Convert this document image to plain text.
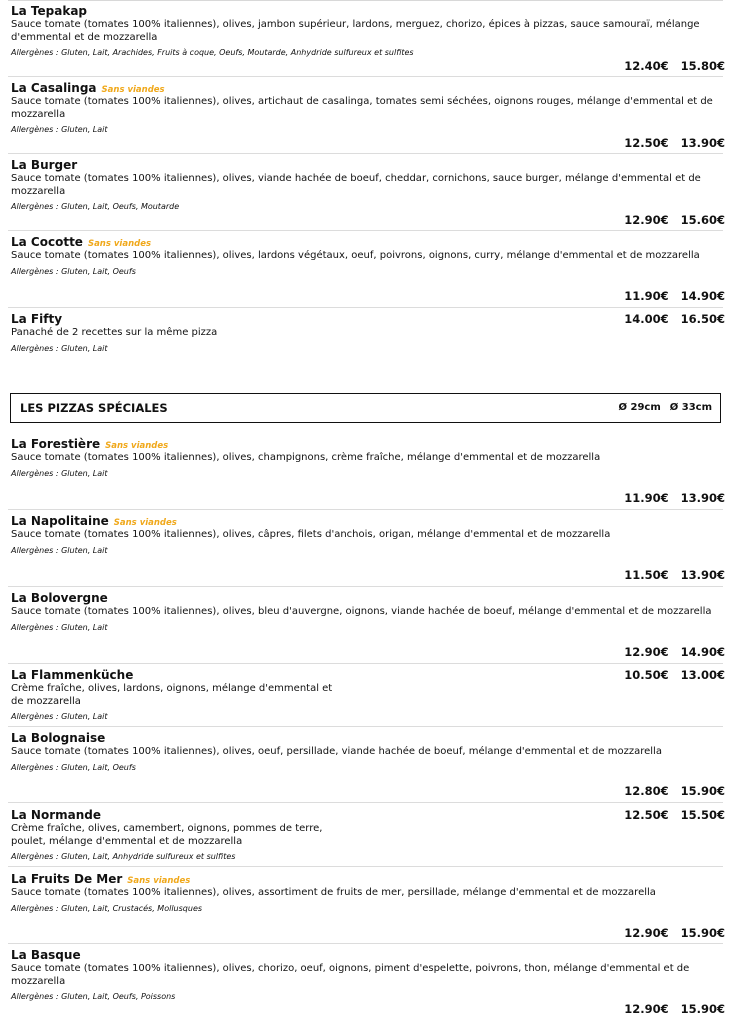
La Tepakap

Sauce tomate (tomates 100% italiennes), olives, jambon supérieur, lardons, merguez, chorizo, épices à pizzas, sauce samouraï, mélange d'emmental et de mozzarella

Allergènes : Gluten, Lait, Arachides, Fruits à coque, Oeufs, Moutarde, Anhydride sulfureux et sulfites

12.40€ 15.80€
La Casalinga Sans viandes

Sauce tomate (tomates 100% italiennes), olives, artichaut de casalinga, tomates semi séchées, oignons rouges, mélange d'emmental et de mozzarella

Allergènes : Gluten, Lait

12.50€ 13.90€
La Burger

Sauce tomate (tomates 100% italiennes), olives, viande hachée de boeuf, cheddar, cornichons, sauce burger, mélange d'emmental et de mozzarella

Allergènes : Gluten, Lait, Oeufs, Moutarde

12.90€ 15.60€
La Cocotte Sans viandes

Sauce tomate (tomates 100% italiennes), olives, lardons végétaux, oeuf, poivrons, oignons, curry, mélange d'emmental et de mozzarella

Allergènes : Gluten, Lait, Oeufs

11.90€ 14.90€
La Fifty

Panaché de 2 recettes sur la même pizza

Allergènes : Gluten, Lait

14.00€ 16.50€
LES PIZZAS SPÉCIALES	Ø 29cm Ø 33cm
La Forestière Sans viandes

Sauce tomate (tomates 100% italiennes), olives, champignons, crème fraîche, mélange d'emmental et de mozzarella

Allergènes : Gluten, Lait

11.90€ 13.90€
La Napolitaine Sans viandes

Sauce tomate (tomates 100% italiennes), olives, câpres, filets d'anchois, origan, mélange d'emmental et de mozzarella

Allergènes : Gluten, Lait

11.50€ 13.90€
La Bolovergne

Sauce tomate (tomates 100% italiennes), olives, bleu d'auvergne, oignons, viande hachée de boeuf, mélange d'emmental et de mozzarella

Allergènes : Gluten, Lait

12.90€ 14.90€
La Flammenküche

Crème fraîche, olives, lardons, oignons, mélange d'emmental et de mozzarella

Allergènes : Gluten, Lait

10.50€ 13.00€
La Bolognaise

Sauce tomate (tomates 100% italiennes), olives, oeuf, persillade, viande hachée de boeuf, mélange d'emmental et de mozzarella

Allergènes : Gluten, Lait, Oeufs

12.80€ 15.90€
La Normande

Crème fraîche, olives, camembert, oignons, pommes de terre, poulet, mélange d'emmental et de mozzarella

Allergènes : Gluten, Lait, Anhydride sulfureux et sulfites

12.50€ 15.50€
La Fruits De Mer Sans viandes

Sauce tomate (tomates 100% italiennes), olives, assortiment de fruits de mer, persillade, mélange d'emmental et de mozzarella

Allergènes : Gluten, Lait, Crustacés, Mollusques

12.90€ 15.90€
La Basque

Sauce tomate (tomates 100% italiennes), olives, chorizo, oeuf, oignons, piment d'espelette, poivrons, thon, mélange d'emmental et de mozzarella

Allergènes : Gluten, Lait, Oeufs, Poissons

12.90€ 15.90€
